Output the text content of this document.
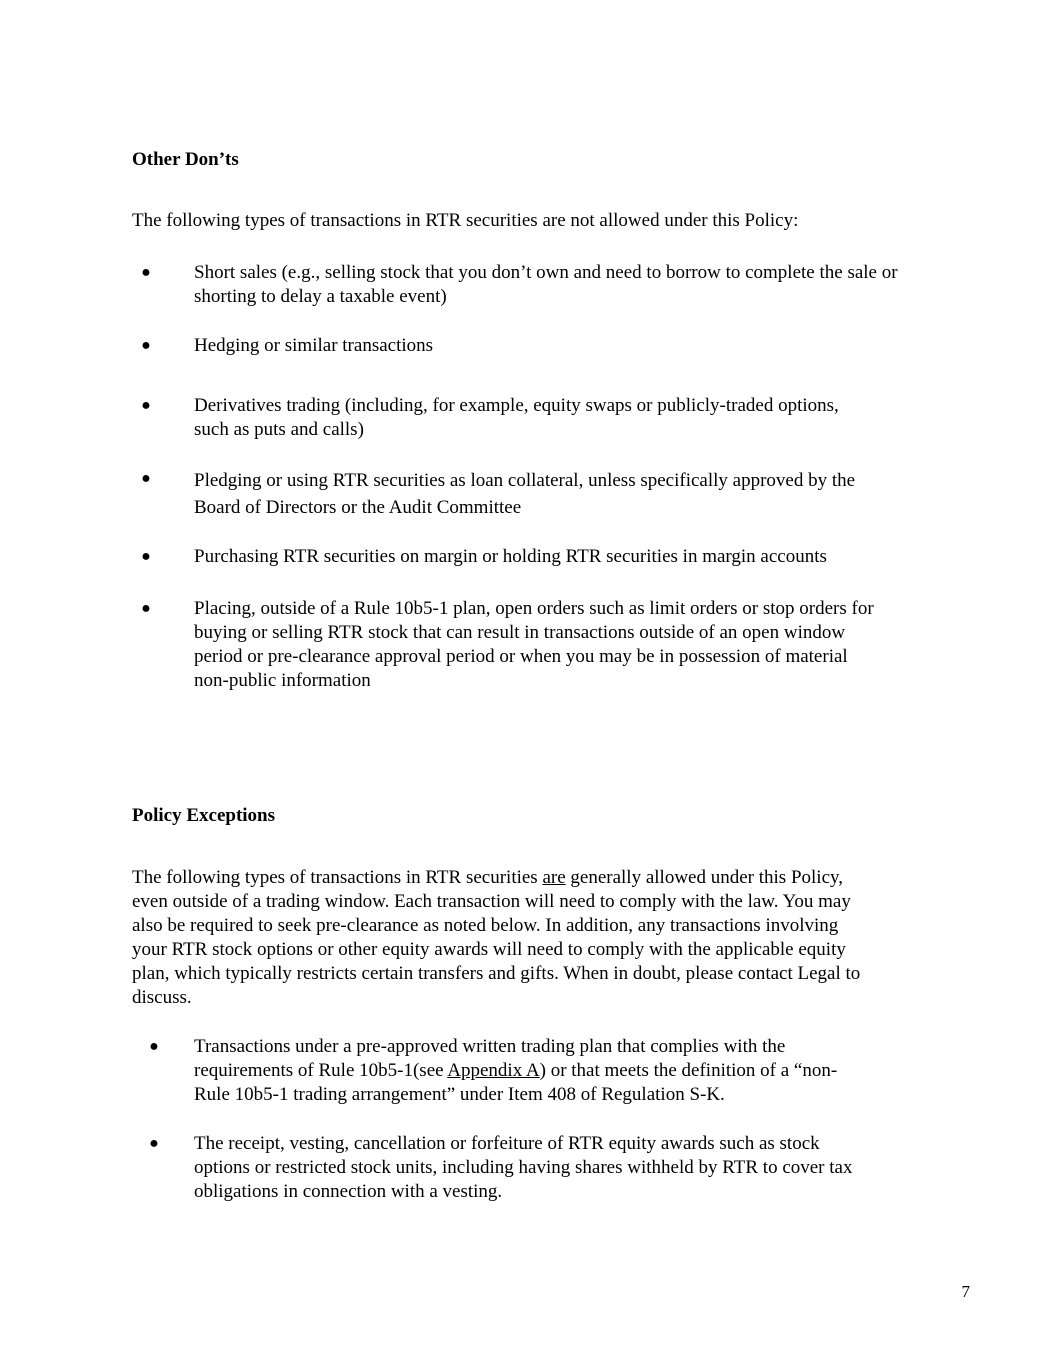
Other Don’ts
The following types of transactions in RTR securities are not allowed under this Policy:
●	Short sales (e.g., selling stock that you don’t own and need to borrow to complete the sale or
shorting to delay a taxable event)
●	Hedging or similar transactions
●	Derivatives trading (including, for example, equity swaps or publicly-traded options,
such as puts and calls)
●	Pledging or using RTR securities as loan collateral, unless specifically approved by the
Board of Directors or the Audit Committee
●	Purchasing RTR securities on margin or holding RTR securities in margin accounts
●	Placing, outside of a Rule 10b5-1 plan, open orders such as limit orders or stop orders for
buying or selling RTR stock that can result in transactions outside of an open window
period or pre-clearance approval period or when you may be in possession of material
non-public information
Policy Exceptions
The following types of transactions in RTR securities are generally allowed under this Policy,
even outside of a trading window. Each transaction will need to comply with the law. You may
also be required to seek pre-clearance as noted below. In addition, any transactions involving
your RTR stock options or other equity awards will need to comply with the applicable equity
plan, which typically restricts certain transfers and gifts. When in doubt, please contact Legal to
discuss.
●	Transactions under a pre-approved written trading plan that complies with the
requirements of Rule 10b5-1(see Appendix A) or that meets the definition of a “non-
Rule 10b5-1 trading arrangement” under Item 408 of Regulation S-K.
●	The receipt, vesting, cancellation or forfeiture of RTR equity awards such as stock
options or restricted stock units, including having shares withheld by RTR to cover tax
obligations in connection with a vesting.
7
